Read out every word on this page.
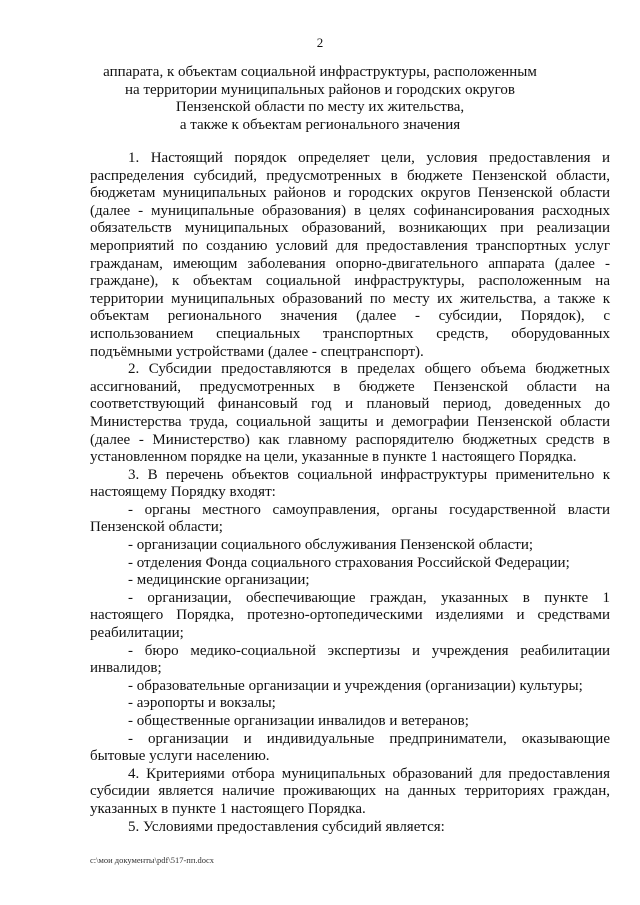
2
аппарата, к объектам социальной инфраструктуры, расположенным
на территории муниципальных районов и городских округов
Пензенской области по месту их жительства,
а также к объектам регионального значения

1. Настоящий порядок определяет цели, условия предоставления и распределения субсидий, предусмотренных в бюджете Пензенской области, бюджетам муниципальных районов и городских округов Пензенской области (далее - муниципальные образования) в целях софинансирования расходных обязательств муниципальных образований, возникающих при реализации мероприятий по созданию условий для предоставления транспортных услуг гражданам, имеющим заболевания опорно-двигательного аппарата (далее - граждане), к объектам социальной инфраструктуры, расположенным на территории муниципальных образований по месту их жительства, а также к объектам регионального значения (далее - субсидии, Порядок), с использованием специальных транспортных средств, оборудованных подъёмными устройствами (далее - спецтранспорт).

2. Субсидии предоставляются в пределах общего объема бюджетных ассигнований, предусмотренных в бюджете Пензенской области на соответствующий финансовый год и плановый период, доведенных до Министерства труда, социальной защиты и демографии Пензенской области (далее - Министерство) как главному распорядителю бюджетных средств в установленном порядке на цели, указанные в пункте 1 настоящего Порядка.

3. В перечень объектов социальной инфраструктуры применительно к настоящему Порядку входят:

- органы местного самоуправления, органы государственной власти Пензенской области;

- организации социального обслуживания Пензенской области;

- отделения Фонда социального страхования Российской Федерации;

- медицинские организации;

- организации, обеспечивающие граждан, указанных в пункте 1 настоящего Порядка, протезно-ортопедическими изделиями и средствами реабилитации;

- бюро медико-социальной экспертизы и учреждения реабилитации инвалидов;

- образовательные организации и учреждения (организации) культуры;

- аэропорты и вокзалы;

- общественные организации инвалидов и ветеранов;

- организации и индивидуальные предприниматели, оказывающие бытовые услуги населению.

4. Критериями отбора муниципальных образований для предоставления субсидии является наличие проживающих на данных территориях граждан, указанных в пункте 1 настоящего Порядка.

5. Условиями предоставления субсидий является:

c:\мои документы\pdf\517-пп.docx
